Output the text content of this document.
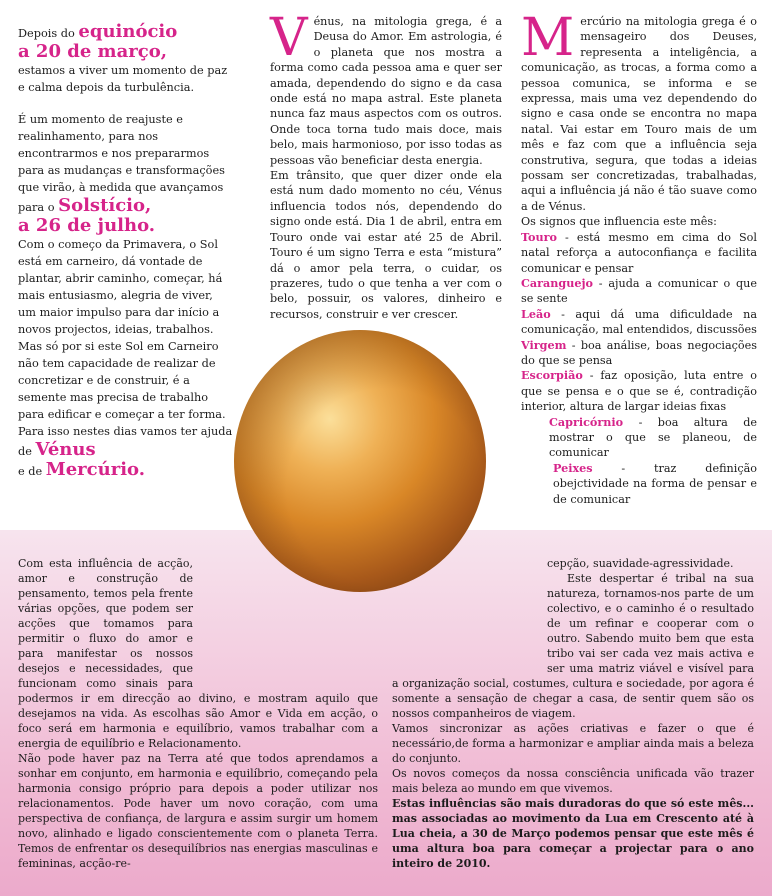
Depois do equinócio
a 20 de março,
estamos a viver um momento de paz e calma depois da turbulência.

É um momento de reajuste e realinhamento, para nos encontrarmos e nos prepararmos para as mudanças e transformações que virão, à medida que avançamos para o Solstício,
a 26 de julho.

Com o começo da Primavera, o Sol está em carneiro, dá vontade de plantar, abrir caminho, começar, há mais entusiasmo, alegria de viver, um maior impulso para dar início a novos projectos, ideias, trabalhos.

Mas só por si este Sol em Carneiro não tem capacidade de realizar de concretizar e de construir, é a semente mas precisa de trabalho para edificar e começar a ter forma. Para isso nestes dias vamos ter ajuda de Vénus
e de Mercúrio.

V énus, na mitologia grega, é a Deusa do Amor. Em astrologia, é o planeta que nos mostra a forma como cada pessoa ama e quer ser amada, dependendo do signo e da casa onde está no mapa astral. Este planeta nunca faz maus aspectos com os outros. Onde toca torna tudo mais doce, mais belo, mais harmonioso, por isso todas as pessoas vão beneficiar desta energia.

Em trânsito, que quer dizer onde ela está num dado momento no céu, Vénus influencia todos nós, dependendo do signo onde está. Dia 1 de abril, entra em Touro onde vai estar até 25 de Abril. Touro é um signo Terra e esta “mistura” dá o amor pela terra, o cuidar, os prazeres, tudo o que tenha a ver com o belo, possuir, os valores, dinheiro e recursos, construir e ver crescer.

M ercúrio na mitologia grega é o mensageiro dos Deuses, representa a inteligência, a comunicação, as trocas, a forma como a pessoa comunica, se informa e se expressa, mais uma vez dependendo do signo e casa onde se encontra no mapa natal. Vai estar em Touro mais de um mês e faz com que a influência seja construtiva, segura, que todas a ideias possam ser concretizadas, trabalhadas, aqui a influência já não é tão suave como a de Vénus.

Os signos que influencia este mês:

Touro - está mesmo em cima do Sol natal reforça a autoconfiança e facilita comunicar e pensar

Caranguejo - ajuda a comunicar o que se sente

Leão - aqui dá uma dificuldade na comunicação, mal entendidos, discussões

Virgem - boa análise, boas negociações do que se pensa

Escorpião - faz oposição, luta entre o que se pensa e o que se é, contradição interior, altura de largar ideias fixas

Capricórnio - boa altura de mostrar o que se planeou, de comunicar

Peixes - traz definição obejctividade na forma de pensar e de comunicar

Com esta influência de acção, amor e construção de pensamento, temos pela frente várias opções, que podem ser acções que tomamos para permitir o fluxo do amor e para manifestar os nossos desejos e necessidades, que funcionam como sinais para podermos ir em direcção ao divino, e mostram aquilo que desejamos na vida. As escolhas são Amor e Vida em acção, o foco será em harmonia e equilíbrio, vamos trabalhar com a energia de equilíbrio e Relacionamento.

Não pode haver paz na Terra até que todos aprendamos a sonhar em conjunto, em harmonia e equilíbrio, começando pela harmonia consigo próprio para depois a poder utilizar nos relacionamentos. Pode haver um novo coração, com uma perspectiva de confiança, de largura e assim surgir um homem novo, alinhado e ligado conscientemente com o planeta Terra. Temos de enfrentar os desequilíbrios nas energias masculinas e femininas, acção-re-

cepção, suavidade-agressividade.

Este despertar é tribal na sua natureza, tornamos-nos parte de um colectivo, e o caminho é o resultado de um refinar e cooperar com o outro. Sabendo muito bem que esta tribo vai ser cada vez mais activa e ser uma matriz viável e visível para a organização social, costumes, cultura e sociedade, por agora é somente a sensação de chegar a casa, de sentir quem são os nossos companheiros de viagem.

Vamos sincronizar as ações criativas e fazer o que é necessário,de forma a harmonizar e ampliar ainda mais a beleza do conjunto.

Os novos começos da nossa consciência unificada vão trazer mais beleza ao mundo em que vivemos.

Estas influências são mais duradoras do que só este mês... mas associadas ao movimento da Lua em Crescento até à Lua cheia, a 30 de Março podemos pensar que este mês é uma altura boa para começar a projectar para o ano inteiro de 2010.
